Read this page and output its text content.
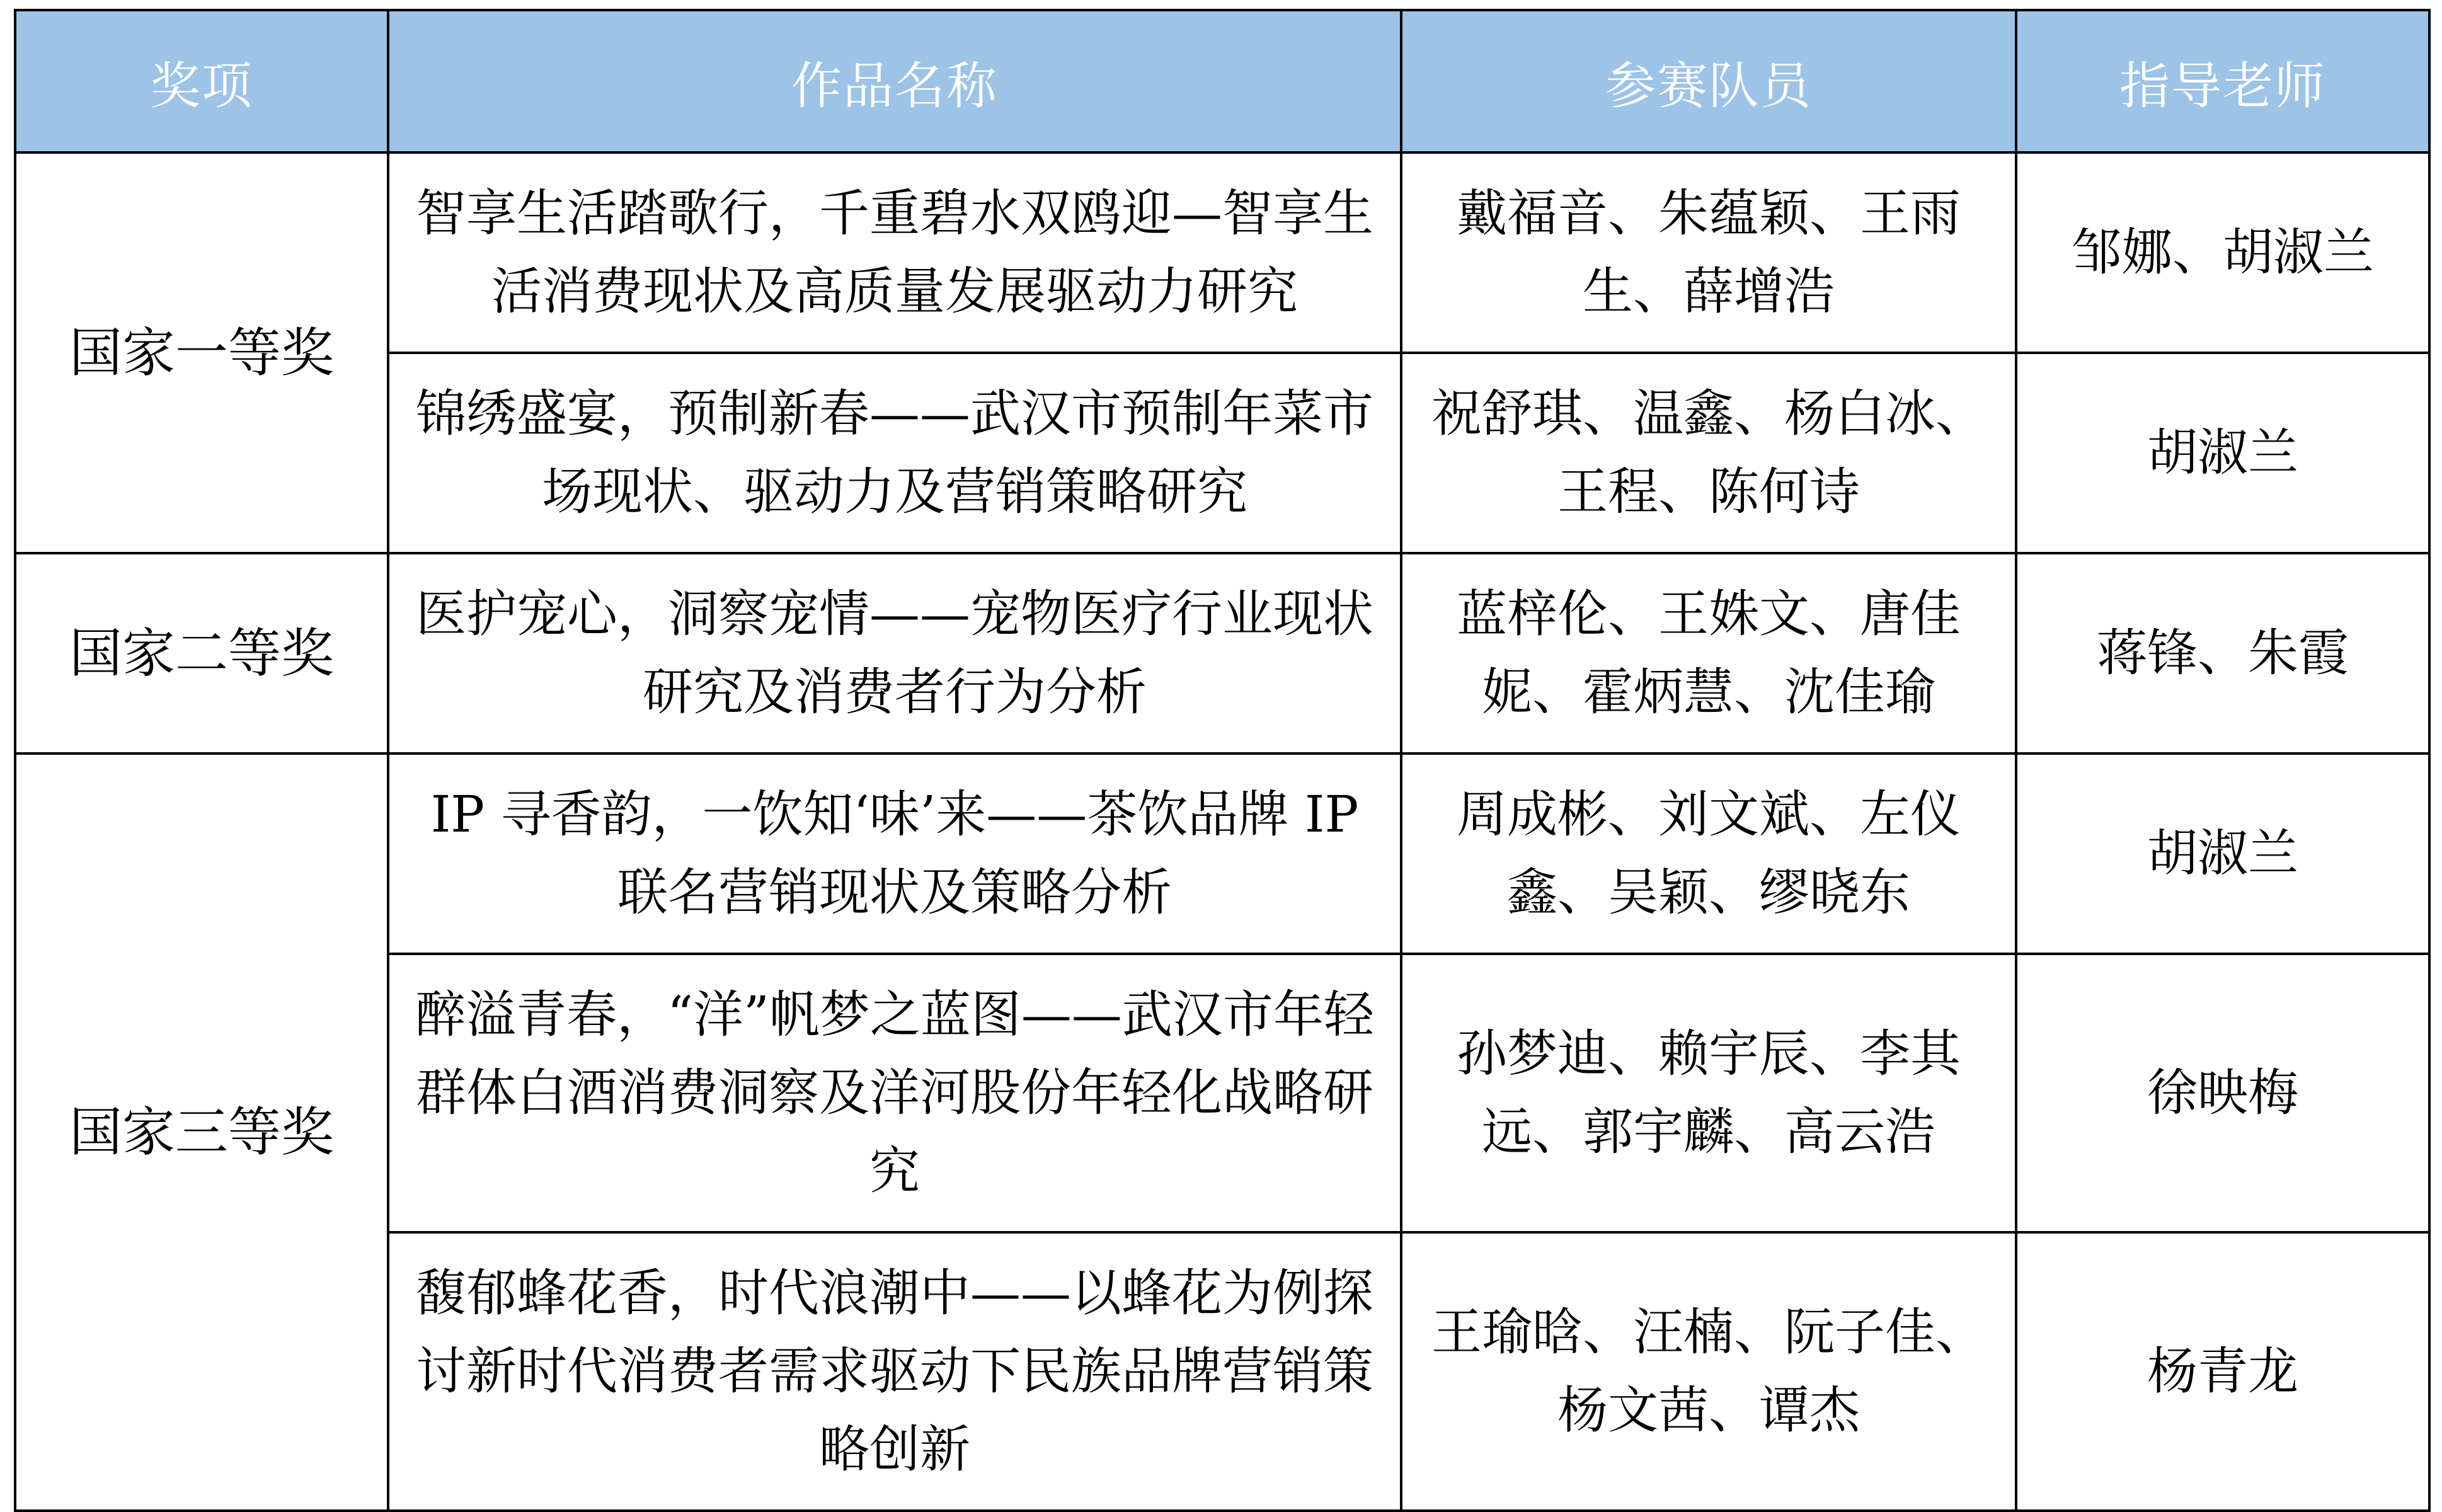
奖项	作品名称	参赛队员	指导老师
国家一等奖	智享生活踏歌行，千重碧水双鸥迎—智享生活消费现状及高质量发展驱动力研究	戴福音、朱蕴颖、王雨生、薛增浩	邹娜、胡淑兰

	锦绣盛宴，预制新春——武汉市预制年菜市场现状、驱动力及营销策略研究	祝舒琪、温鑫、杨白冰、王程、陈何诗	胡淑兰

国家二等奖	医护宠心，洞察宠情——宠物医疗行业现状研究及消费者行为分析	蓝梓伦、王姝文、唐佳妮、霍炳慧、沈佳瑜	蒋锋、朱霞

国家三等奖	IP 寻香韵，一饮知‘味’来——茶饮品牌 IP 联名营销现状及策略分析	周成彬、刘文斌、左仪鑫、吴颖、缪晓东	胡淑兰

	醉溢青春，“洋”帆梦之蓝图——武汉市年轻群体白酒消费洞察及洋河股份年轻化战略研究	孙梦迪、赖宇辰、李其远、郭宇麟、高云浩	徐映梅

	馥郁蜂花香，时代浪潮中——以蜂花为例探讨新时代消费者需求驱动下民族品牌营销策略创新	王瑜晗、汪楠、阮子佳、杨文茜、谭杰	杨青龙
